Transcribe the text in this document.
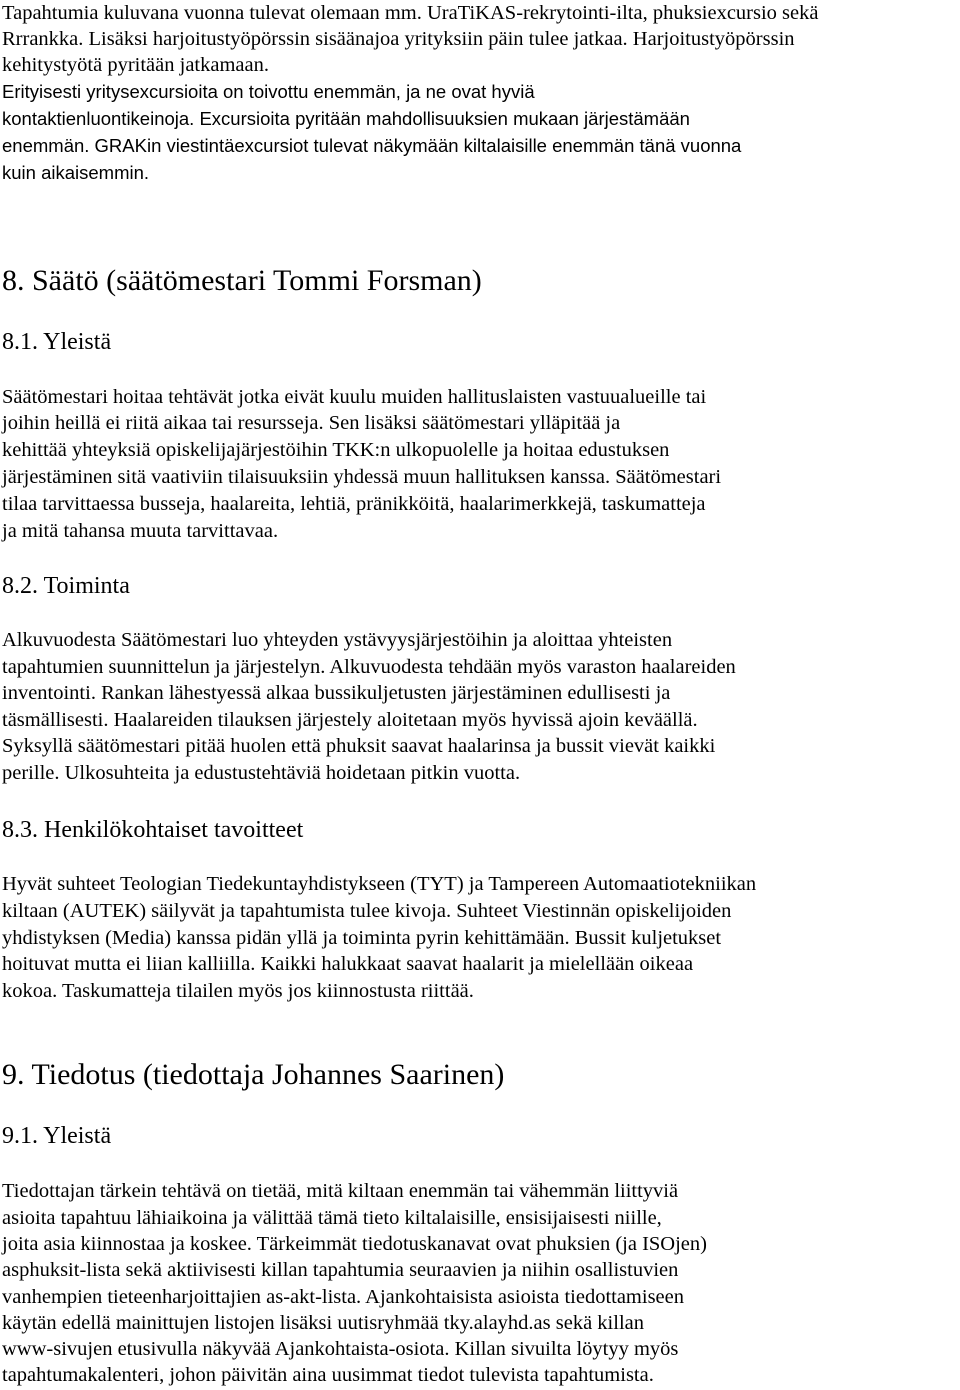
Tapahtumia kuluvana vuonna tulevat olemaan mm. UraTiKAS-rekrytointi-ilta, phuksiexcursio sekä
Rrrankka. Lisäksi harjoitustyöpörssin sisäänajoa yrityksiin päin tulee jatkaa. Harjoitustyöpörssin
kehitystyötä pyritään jatkamaan.
Erityisesti yritysexcursioita on toivottu enemmän, ja ne ovat hyviä
kontaktienluontikeinoja. Excursioita pyritään mahdollisuuksien mukaan järjestämään
enemmän. GRAKin viestintäexcursiot tulevat näkymään kiltalaisille enemmän tänä vuonna
kuin aikaisemmin.
8. Säätö (säätömestari Tommi Forsman)
8.1. Yleistä
Säätömestari hoitaa tehtävät jotka eivät kuulu muiden hallituslaisten vastuualueille tai
joihin heillä ei riitä aikaa tai resursseja. Sen lisäksi säätömestari ylläpitää ja
kehittää yhteyksiä opiskelijajärjestöihin TKK:n ulkopuolelle ja hoitaa edustuksen
järjestäminen sitä vaativiin tilaisuuksiin yhdessä muun hallituksen kanssa. Säätömestari
tilaa tarvittaessa busseja, haalareita, lehtiä, pränikköitä, haalarimerkkejä, taskumatteja
ja mitä tahansa muuta tarvittavaa.
8.2. Toiminta
Alkuvuodesta Säätömestari luo yhteyden ystävyysjärjestöihin ja aloittaa yhteisten
tapahtumien suunnittelun ja järjestelyn. Alkuvuodesta tehdään myös varaston haalareiden
inventointi. Rankan lähestyessä alkaa bussikuljetusten järjestäminen edullisesti ja
täsmällisesti. Haalareiden tilauksen järjestely aloitetaan myös hyvissä ajoin keväällä.
Syksyllä säätömestari pitää huolen että phuksit saavat haalarinsa ja bussit vievät kaikki
perille. Ulkosuhteita ja edustustehtäviä hoidetaan pitkin vuotta.
8.3. Henkilökohtaiset tavoitteet
Hyvät suhteet Teologian Tiedekuntayhdistykseen (TYT) ja Tampereen Automaatiotekniikan
kiltaan (AUTEK) säilyvät ja tapahtumista tulee kivoja. Suhteet Viestinnän opiskelijoiden
yhdistyksen (Media) kanssa pidän yllä ja toiminta pyrin kehittämään. Bussit kuljetukset
hoituvat mutta ei liian kalliilla. Kaikki halukkaat saavat haalarit ja mielellään oikeaa
kokoa. Taskumatteja tilailen myös jos kiinnostusta riittää.
9. Tiedotus (tiedottaja Johannes Saarinen)
9.1. Yleistä
Tiedottajan tärkein tehtävä on tietää, mitä kiltaan enemmän tai vähemmän liittyviä
asioita tapahtuu lähiaikoina ja välittää tämä tieto kiltalaisille, ensisijaisesti niille,
joita asia kiinnostaa ja koskee. Tärkeimmät tiedotuskanavat ovat phuksien (ja ISOjen)
asphuksit-lista sekä aktiivisesti killan tapahtumia seuraavien ja niihin osallistuvien
vanhempien tieteenharjoittajien as-akt-lista. Ajankohtaisista asioista tiedottamiseen
käytän edellä mainittujen listojen lisäksi uutisryhmää tky.alayhd.as sekä killan
www-sivujen etusivulla näkyvää Ajankohtaista-osiota. Killan sivuilta löytyy myös
tapahtumakalenteri, johon päivitän aina uusimmat tiedot tulevista tapahtumista.
